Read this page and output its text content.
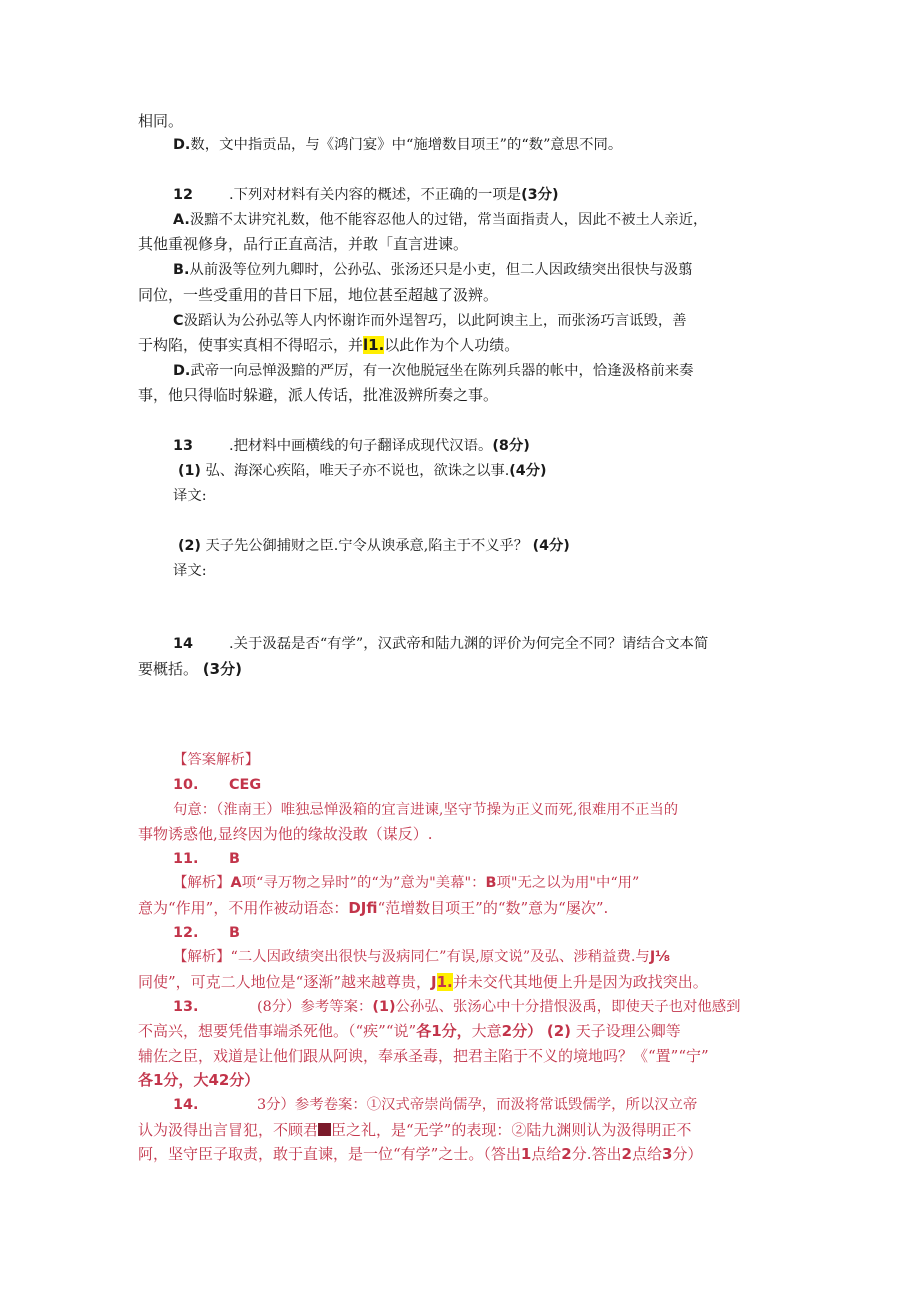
相同。
D.数，文中指贡品，与《鸿门宴》中“施增数目项王”的“数”意思不同。
12	.下列对材料有关内容的概述，不正确的一项是(3分)
A.汲黯不太讲究礼数，他不能容忍他人的过错，常当面指责人，因此不被土人亲近，
其他重视修身，品行正直高洁，并敢「直言进谏。
B.从前汲等位列九卿时，公孙弘、张汤还只是小吏，但二人因政绩突出很快与汲翦
同位，一些受重用的昔日下屈，地位甚至超越了汲辨。
C汲蹈认为公孙弘等人内怀谢诈而外逞智巧，以此阿谀主上，而张汤巧言诋毁，善
于构陷，使事实真相不得昭示，并l1.以此作为个人功绩。
D.武帝一向忌惮汲黯的严厉，有一次他脱冠坐在陈列兵器的帐中，恰逢汲格前来奏
事，他只得临时躲避，派人传话，批准汲辨所奏之事。
13	.把材料中画横线的句子翻译成现代汉语。(8分)
(1) 弘、海深心疾陷，唯天子亦不说也，欲诛之以事.(4分)
译文:
(2) 天子先公御捕财之臣.宁令从谀承意,陷主于不义乎？ (4分)
译文:
14	.关于汲磊是否“有学”，汉武帝和陆九渊的评价为何完全不同？请结合文本简
要概括。 (3分)
【答案解析】
10. CEG
句意：（淮南王）唯独忌惮汲箱的宜言进谏,坚守节操为正义而死,很难用不正当的
事物诱惑他,显终因为他的缘故没敢（谋反）.
11. B
【解析】A项“寻万物之异时”的“为”意为"美幕"：B项"无之以为用"中“用”
意为“作用”，不用作被动语态：DJfi“范增数目项王”的“数”意为“屡次”.
12. B
【解析】“二人因政绩突出很快与汲病同仁”有误,原文说”及弘、涉稍益费.与J⅛
同使”，可克二人地位是“逐渐”越来越尊贵，J1.并未交代其地便上升是因为政找突出。
13.	(8分）参考等案：(1)公孙弘、张汤心中十分措恨汲禹，即使天子也对他感到
不高兴，想要凭借事端杀死他。（“疾”“说”各1分，大意2分） (2) 天子设理公卿等
辅佐之臣，戏道是让他们跟从阿谀，奉承圣毒，把君主陷于不义的境地吗？《“置”“宁”
各1分，大42分）
14.	3分）参考卷案：①汉式帝崇尚儒孕，而汲将常诋毁儒学，所以汉立帝
认为汲得出言冒犯，不顾君 臣之礼，是“无学”的表现：②陆九渊则认为汲得明正不
阿，坚守臣子取责，敢于直谏，是一位“有学”之士。（答出1点给2分.答出2点给3分）
